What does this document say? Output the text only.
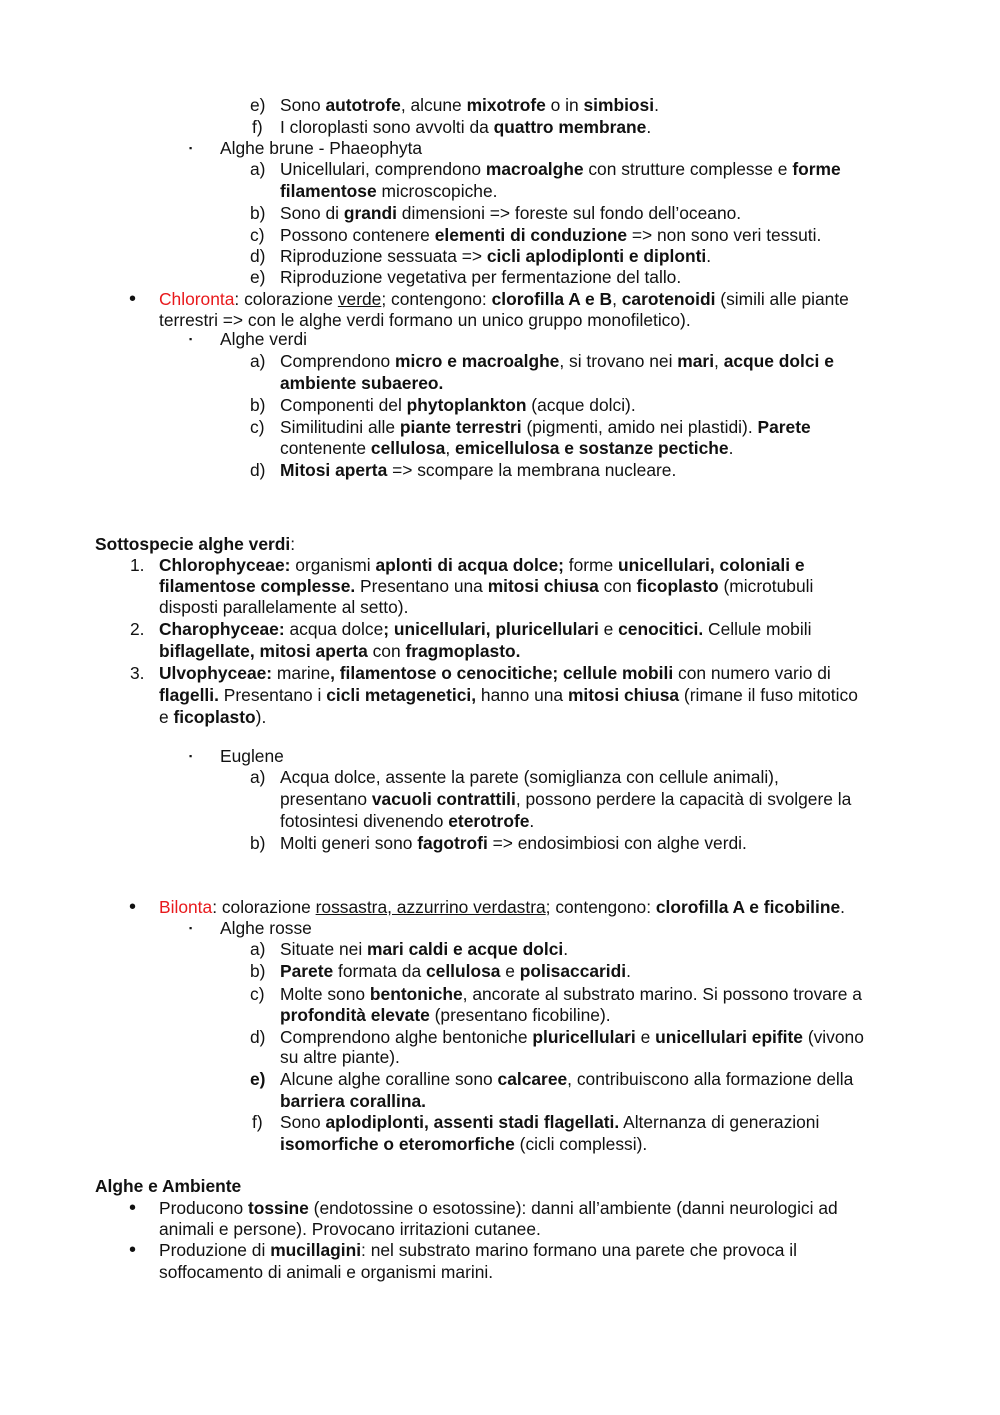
e) Sono autotrofe, alcune mixotrofe o in simbiosi.
f) I cloroplasti sono avvolti da quattro membrane.
▪ Alghe brune - Phaeophyta
a) Unicellulari, comprendono macroalghe con strutture complesse e forme
filamentose microscopiche.
b) Sono di grandi dimensioni => foreste sul fondo dell’oceano.
c) Possono contenere elementi di conduzione => non sono veri tessuti.
d) Riproduzione sessuata => cicli aplodiplonti e diplonti.
e) Riproduzione vegetativa per fermentazione del tallo.
• Chloronta: colorazione verde; contengono: clorofilla A e B, carotenoidi (simili alle piante
terrestri => con le alghe verdi formano un unico gruppo monofiletico).
▪ Alghe verdi
a) Comprendono micro e macroalghe, si trovano nei mari, acque dolci e
ambiente subaereo.
b) Componenti del phytoplankton (acque dolci).
c) Similitudini alle piante terrestri (pigmenti, amido nei plastidi). Parete
contenente cellulosa, emicellulosa e sostanze pectiche.
d) Mitosi aperta => scompare la membrana nucleare.
Sottospecie alghe verdi:
1. Chlorophyceae: organismi aplonti di acqua dolce; forme unicellulari, coloniali e
filamentose complesse. Presentano una mitosi chiusa con ficoplasto (microtubuli
disposti parallelamente al setto).
2. Charophyceae: acqua dolce; unicellulari, pluricellulari e cenocitici. Cellule mobili
biflagellate, mitosi aperta con fragmoplasto.
3. Ulvophyceae: marine, filamentose o cenocitiche; cellule mobili con numero vario di
flagelli. Presentano i cicli metagenetici, hanno una mitosi chiusa (rimane il fuso mitotico
e ficoplasto).
▪ Euglene
a) Acqua dolce, assente la parete (somiglianza con cellule animali),
presentano vacuoli contrattili, possono perdere la capacità di svolgere la
fotosintesi divenendo eterotrofe.
b) Molti generi sono fagotrofi => endosimbiosi con alghe verdi.
• Bilonta: colorazione rossastra, azzurrino verdastra; contengono: clorofilla A e ficobiline.
▪ Alghe rosse
a) Situate nei mari caldi e acque dolci.
b) Parete formata da cellulosa e polisaccaridi.
c) Molte sono bentoniche, ancorate al substrato marino. Si possono trovare a
profondità elevate (presentano ficobiline).
d) Comprendono alghe bentoniche pluricellulari e unicellulari epifite (vivono
su altre piante).
e) Alcune alghe coralline sono calcaree, contribuiscono alla formazione della
barriera corallina.
f) Sono aplodiplonti, assenti stadi flagellati. Alternanza di generazioni
isomorfiche o eteromorfiche (cicli complessi).
Alghe e Ambiente
• Producono tossine (endotossine o esotossine): danni all’ambiente (danni neurologici ad
animali e persone). Provocano irritazioni cutanee.
• Produzione di mucillagini: nel substrato marino formano una parete che provoca il
soffocamento di animali e organismi marini.
